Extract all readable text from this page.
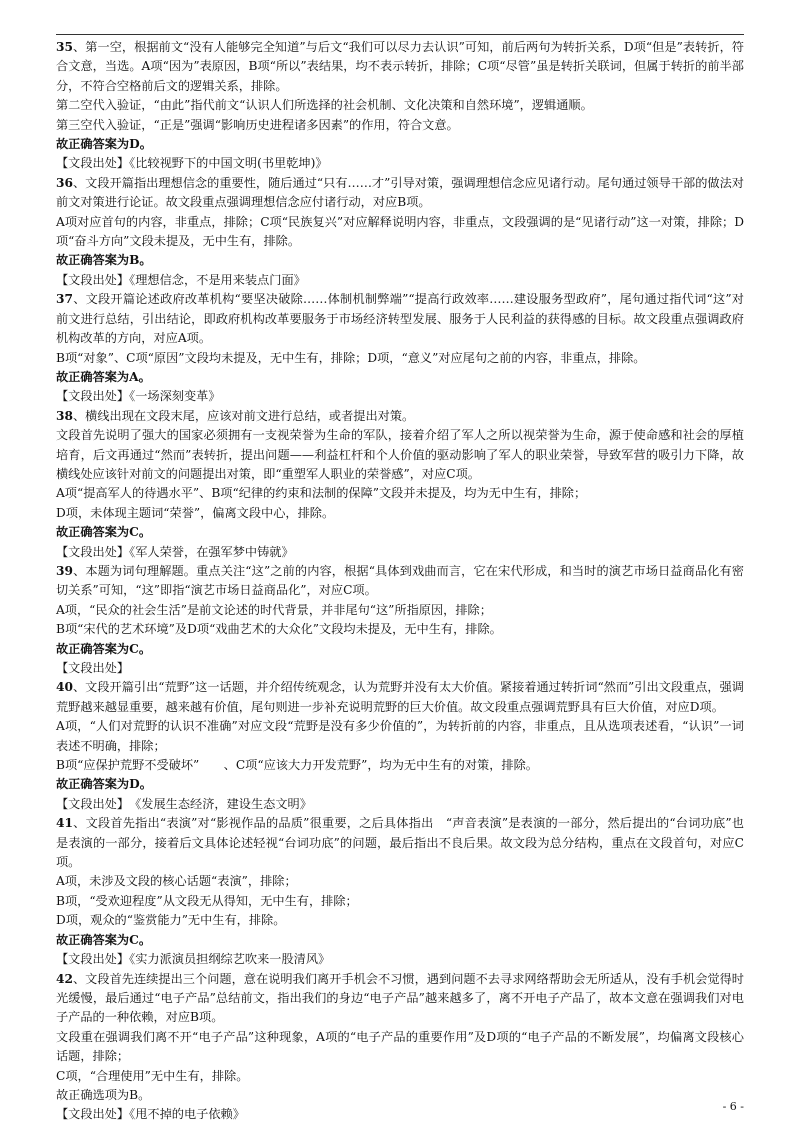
35、第一空，根据前文“没有人能够完全知道”与后文“我们可以尽力去认识”可知，前后两句为转折关系，D项“但是”表转折，符合文意，当选。A项“因为”表原因，B项“所以”表结果，均不表示转折，排除；C项“尽管”虽是转折关联词，但属于转折的前半部分，不符合空格前后文的逻辑关系，排除。

第二空代入验证，“由此”指代前文“认识人们所选择的社会机制、文化决策和自然环境”，逻辑通顺。

第三空代入验证，“正是”强调“影响历史进程诸多因素”的作用，符合文意。

故正确答案为D。

【文段出处】《比较视野下的中国文明(书里乾坤)》

36、文段开篇指出理想信念的重要性，随后通过“只有……才”引导对策，强调理想信念应见诸行动。尾句通过领导干部的做法对前文对策进行论证。故文段重点强调理想信念应付诸行动，对应B项。

A项对应首句的内容，非重点，排除；C项“民族复兴”对应解释说明内容，非重点，文段强调的是“见诸行动”这一对策，排除；D项“奋斗方向”文段未提及，无中生有，排除。

故正确答案为B。

【文段出处】《理想信念，不是用来装点门面》

37、文段开篇论述政府改革机构“要坚决破除……体制机制弊端”“提高行政效率……建设服务型政府”，尾句通过指代词“这”对前文进行总结，引出结论，即政府机构改革要服务于市场经济转型发展、服务于人民利益的获得感的目标。故文段重点强调政府机构改革的方向，对应A项。

B项“对象”、C项“原因”文段均未提及，无中生有，排除；D项，“意义”对应尾句之前的内容，非重点，排除。

故正确答案为A。

【文段出处】《一场深刻变革》

38、横线出现在文段末尾，应该对前文进行总结，或者提出对策。

文段首先说明了强大的国家必须拥有一支视荣誉为生命的军队，接着介绍了军人之所以视荣誉为生命，源于使命感和社会的厚植培育，后文再通过“然而”表转折，提出问题——利益杠杆和个人价值的驱动影响了军人的职业荣誉，导致军营的吸引力下降，故横线处应该针对前文的问题提出对策，即“重塑军人职业的荣誉感”，对应C项。

A项“提高军人的待遇水平”、B项“纪律的约束和法制的保障”文段并未提及，均为无中生有，排除；

D项，未体现主题词“荣誉”，偏离文段中心，排除。

故正确答案为C。

【文段出处】《军人荣誉，在强军梦中铸就》

39、本题为词句理解题。重点关注“这”之前的内容，根据“具体到戏曲而言，它在宋代形成，和当时的演艺市场日益商品化有密切关系”可知，“这”即指“演艺市场日益商品化”，对应C项。

A项，“民众的社会生活”是前文论述的时代背景，并非尾句“这”所指原因，排除；

B项“宋代的艺术环境”及D项“戏曲艺术的大众化”文段均未提及，无中生有，排除。

故正确答案为C。

【文段出处】

40、文段开篇引出“荒野”这一话题，并介绍传统观念，认为荒野并没有太大价值。紧接着通过转折词“然而”引出文段重点，强调荒野越来越显重要，越来越有价值，尾句则进一步补充说明荒野的巨大价值。故文段重点强调荒野具有巨大价值，对应D项。

A项，“人们对荒野的认识不准确”对应文段“荒野是没有多少价值的”，为转折前的内容，非重点，且从选项表述看，“认识”一词表述不明确，排除；

B项“应保护荒野不受破坏”　　、C项“应该大力开发荒野”，均为无中生有的对策，排除。

故正确答案为D。

【文段出处】　《发展生态经济，建设生态文明》

41、文段首先指出“表演”对“影视作品的品质”很重要，之后具体指出　“声音表演”是表演的一部分，然后提出的“台词功底”也是表演的一部分，接着后文具体论述轻视“台词功底”的问题，最后指出不良后果。故文段为总分结构，重点在文段首句，对应C项。

A项，未涉及文段的核心话题“表演”，排除；

B项，“受欢迎程度”从文段无从得知，无中生有，排除；

D项，观众的“鉴赏能力”无中生有，排除。

故正确答案为C。

【文段出处】《实力派演员担纲综艺吹来一股清风》

42、文段首先连续提出三个问题，意在说明我们离开手机会不习惯，遇到问题不去寻求网络帮助会无所适从，没有手机会觉得时光缓慢，最后通过“电子产品”总结前文，指出我们的身边“电子产品”越来越多了，离不开电子产品了，故本文意在强调我们对电子产品的一种依赖，对应B项。

文段重在强调我们离不开“电子产品”这种现象，A项的“电子产品的重要作用”及D项的“电子产品的不断发展”，均偏离文段核心话题，排除；

C项，“合理使用”无中生有，排除。

故正确选项为B。

【文段出处】《甩不掉的电子依赖》

- 6 -
